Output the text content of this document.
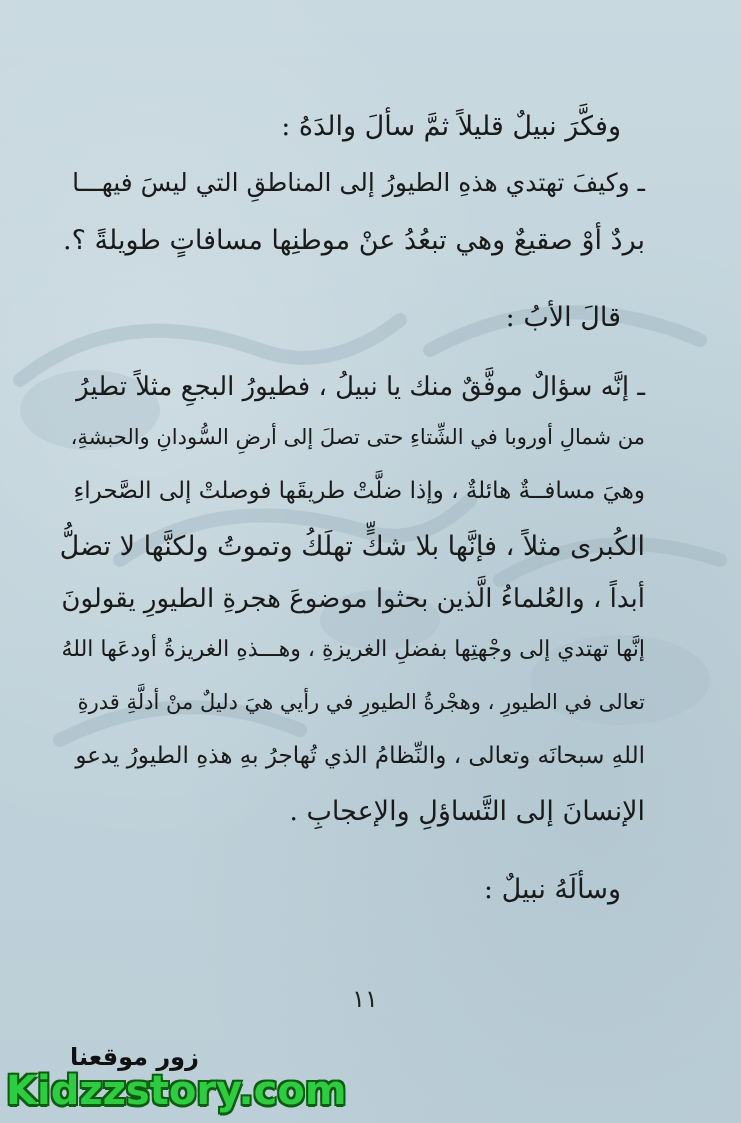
وفكَّرَ نبيلٌ قليلاً ثمَّ سألَ والدَهُ :
ـ وكيفَ تهتدي هذهِ الطيورُ إلى المناطقِ التي ليسَ فيهـــا
بردٌ أوْ صقيعٌ وهي تبعُدُ عنْ موطنِها مسافاتٍ طويلةً ؟.
قالَ الأبُ :
ـ إنَّه سؤالٌ موفَّقٌ منك يا نبيلُ ، فطيورُ البجعِ مثلاً تطيرُ
من شمالِ أوروبا في الشِّتاءِ حتى تصلَ إلى أرضِ السُّودانِ والحبشةِ،
وهيَ مسافــةٌ هائلةٌ ، وإذا ضلَّتْ طريقَها فوصلتْ إلى الصَّحراءِ
الكُبرى مثلاً ، فإنَّها بلا شكٍّ تهلَكُ وتموتُ ولكنَّها لا تضلُّ
أبداً ، والعُلماءُ الَّذين بحثوا موضوعَ هجرةِ الطيورِ يقولونَ
إنَّها تهتدي إلى وجْهتِها بفضلِ الغريزةِ ، وهـــذهِ الغريزةُ أودعَها اللهُ
تعالى في الطيورِ ، وهجْرةُ الطيورِ في رأيي هيَ دليلٌ منْ أدلَّةِ قدرةِ
اللهِ سبحانَه وتعالى ، والنِّظامُ الذي تُهاجرُ بهِ هذهِ الطيورُ يدعو
الإنسانَ إلى التَّساؤلِ والإعجابِ .
وسألَهُ نبيلٌ :
١١
زور موقعنا
Kidzzstory.com
